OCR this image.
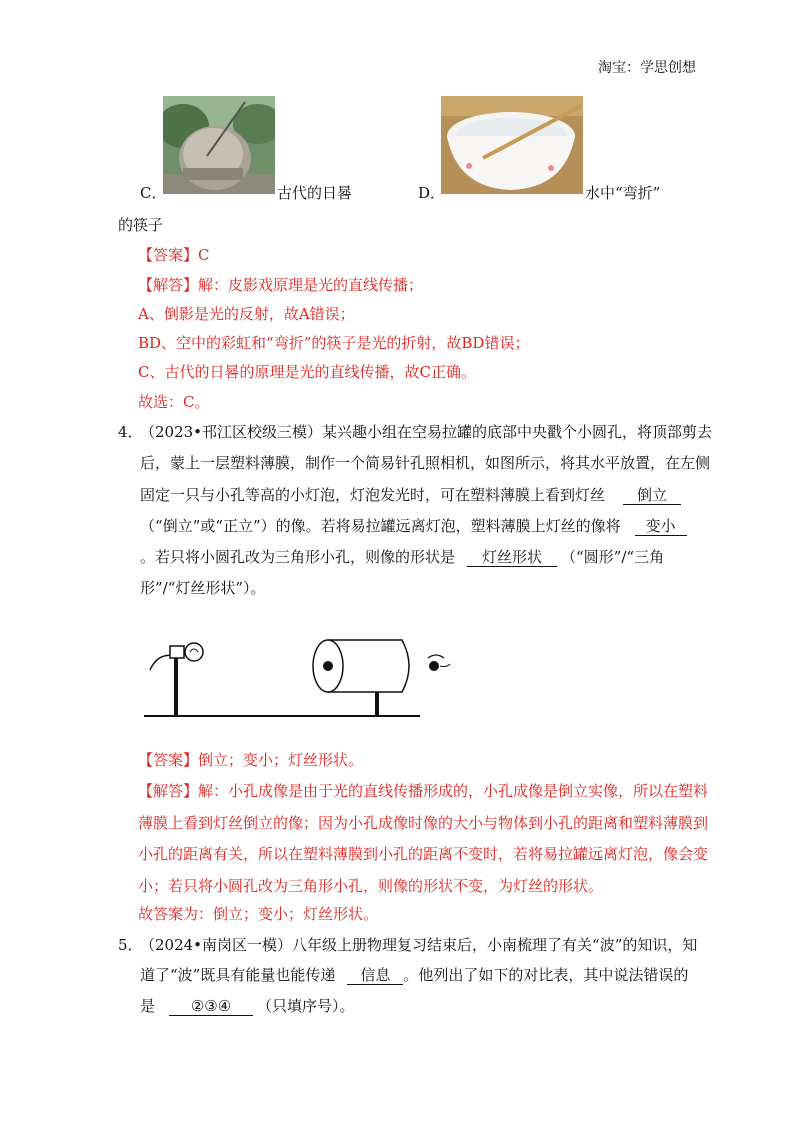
淘宝：学思创想
C．	古代的日晷	D．	水中“弯折”
的筷子
【答案】C
【解答】解：皮影戏原理是光的直线传播；
A、倒影是光的反射，故A错误；
BD、空中的彩虹和“弯折”的筷子是光的折射，故BD错误；
C、古代的日晷的原理是光的直线传播，故C正确。
故选：C。
4．
（2023•邗江区校级三模）某兴趣小组在空易拉罐的底部中央戳个小圆孔，将顶部剪去
后，蒙上一层塑料薄膜，制作一个简易针孔照相机，如图所示，将其水平放置，在左侧
固定一只与小孔等高的小灯泡，灯泡发光时，可在塑料薄膜上看到灯丝 倒立
（“倒立”或“正立”）的像。若将易拉罐远离灯泡，塑料薄膜上灯丝的像将 变小
。若只将小圆孔改为三角形小孔，则像的形状是 灯丝形状 （“圆形”/“三角
形”/“灯丝形状”）。
【答案】倒立；变小；灯丝形状。
【解答】解：小孔成像是由于光的直线传播形成的，小孔成像是倒立实像，所以在塑料
薄膜上看到灯丝倒立的像；因为小孔成像时像的大小与物体到小孔的距离和塑料薄膜到
小孔的距离有关，所以在塑料薄膜到小孔的距离不变时，若将易拉罐远离灯泡，像会变
小；若只将小圆孔改为三角形小孔，则像的形状不变，为灯丝的形状。
故答案为：倒立；变小；灯丝形状。
5．
（2024•南岗区一模）八年级上册物理复习结束后，小南梳理了有关“波”的知识，知
道了“波”既具有能量也能传递 信息 。他列出了如下的对比表，其中说法错误的
是 ②③④ （只填序号）。
